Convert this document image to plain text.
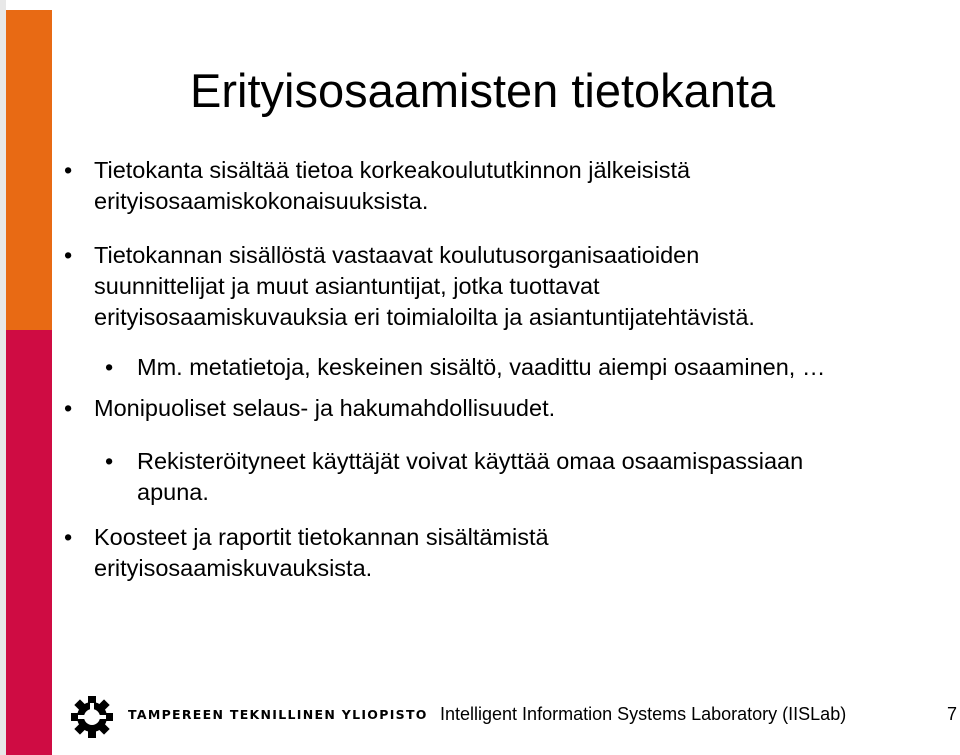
Erityisosaamisten tietokanta
• Tietokanta sisältää tietoa korkeakoulututkinnon jälkeisistä
erityisosaamiskokonaisuuksista.
• Tietokannan sisällöstä vastaavat koulutusorganisaatioiden
suunnittelijat ja muut asiantuntijat, jotka tuottavat
erityisosaamiskuvauksia eri toimialoilta ja asiantuntijatehtävistä.
• Mm. metatietoja, keskeinen sisältö, vaadittu aiempi osaaminen, …
• Monipuoliset selaus- ja hakumahdollisuudet.
• Rekisteröityneet käyttäjät voivat käyttää omaa osaamispassiaan
apuna.
• Koosteet ja raportit tietokannan sisältämistä
erityisosaamiskuvauksista.
TAMPEREEN TEKNILLINEN YLIOPISTO Intelligent Information Systems Laboratory (IISLab)	7
